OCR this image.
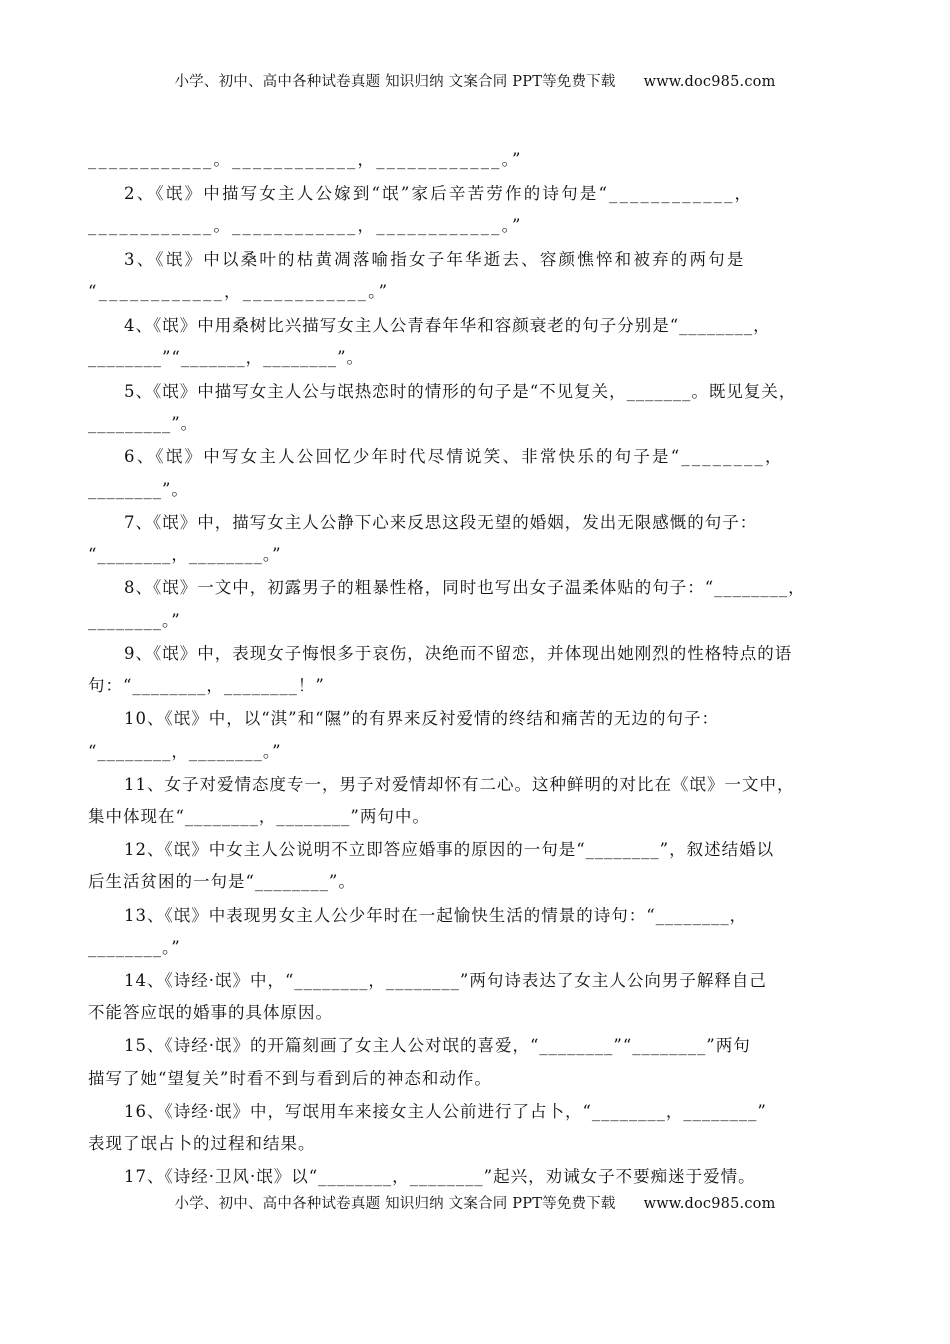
小学、初中、高中各种试卷真题 知识归纳 文案合同 PPT等免费下载 www.doc985.com
____________。____________，____________。”
2、《氓》中描写女主人公嫁到“氓”家后辛苦劳作的诗句是“____________，
____________。____________，____________。”
3、《氓》中以桑叶的枯黄凋落喻指女子年华逝去、容颜憔悴和被弃的两句是
“____________，____________。”
4、《氓》中用桑树比兴描写女主人公青春年华和容颜衰老的句子分别是“________，
________”“_______，________”。
5、《氓》中描写女主人公与氓热恋时的情形的句子是“不见复关，_______。既见复关，
_________”。
6、《氓》中写女主人公回忆少年时代尽情说笑、非常快乐的句子是“________，
________”。
7、《氓》中，描写女主人公静下心来反思这段无望的婚姻，发出无限感慨的句子：
“________，________。”
8、《氓》一文中，初露男子的粗暴性格，同时也写出女子温柔体贴的句子：“________，
________。”
9、《氓》中，表现女子悔恨多于哀伤，决绝而不留恋，并体现出她刚烈的性格特点的语
句：“________，________！”
10、《氓》中，以“淇”和“隰”的有界来反衬爱情的终结和痛苦的无边的句子：
“________，________。”
11、女子对爱情态度专一，男子对爱情却怀有二心。这种鲜明的对比在《氓》一文中，
集中体现在“________，________”两句中。
12、《氓》中女主人公说明不立即答应婚事的原因的一句是“________”，叙述结婚以
后生活贫困的一句是“________”。
13、《氓》中表现男女主人公少年时在一起愉快生活的情景的诗句：“________，
________。”
14、《诗经·氓》中，“________，________”两句诗表达了女主人公向男子解释自己
不能答应氓的婚事的具体原因。
15、《诗经·氓》的开篇刻画了女主人公对氓的喜爱，“________”“________”两句
描写了她“望复关”时看不到与看到后的神态和动作。
16、《诗经·氓》中，写氓用车来接女主人公前进行了占卜，“________，________”
表现了氓占卜的过程和结果。
17、《诗经·卫风·氓》以“________，________”起兴，劝诫女子不要痴迷于爱情。
小学、初中、高中各种试卷真题 知识归纳 文案合同 PPT等免费下载 www.doc985.com
